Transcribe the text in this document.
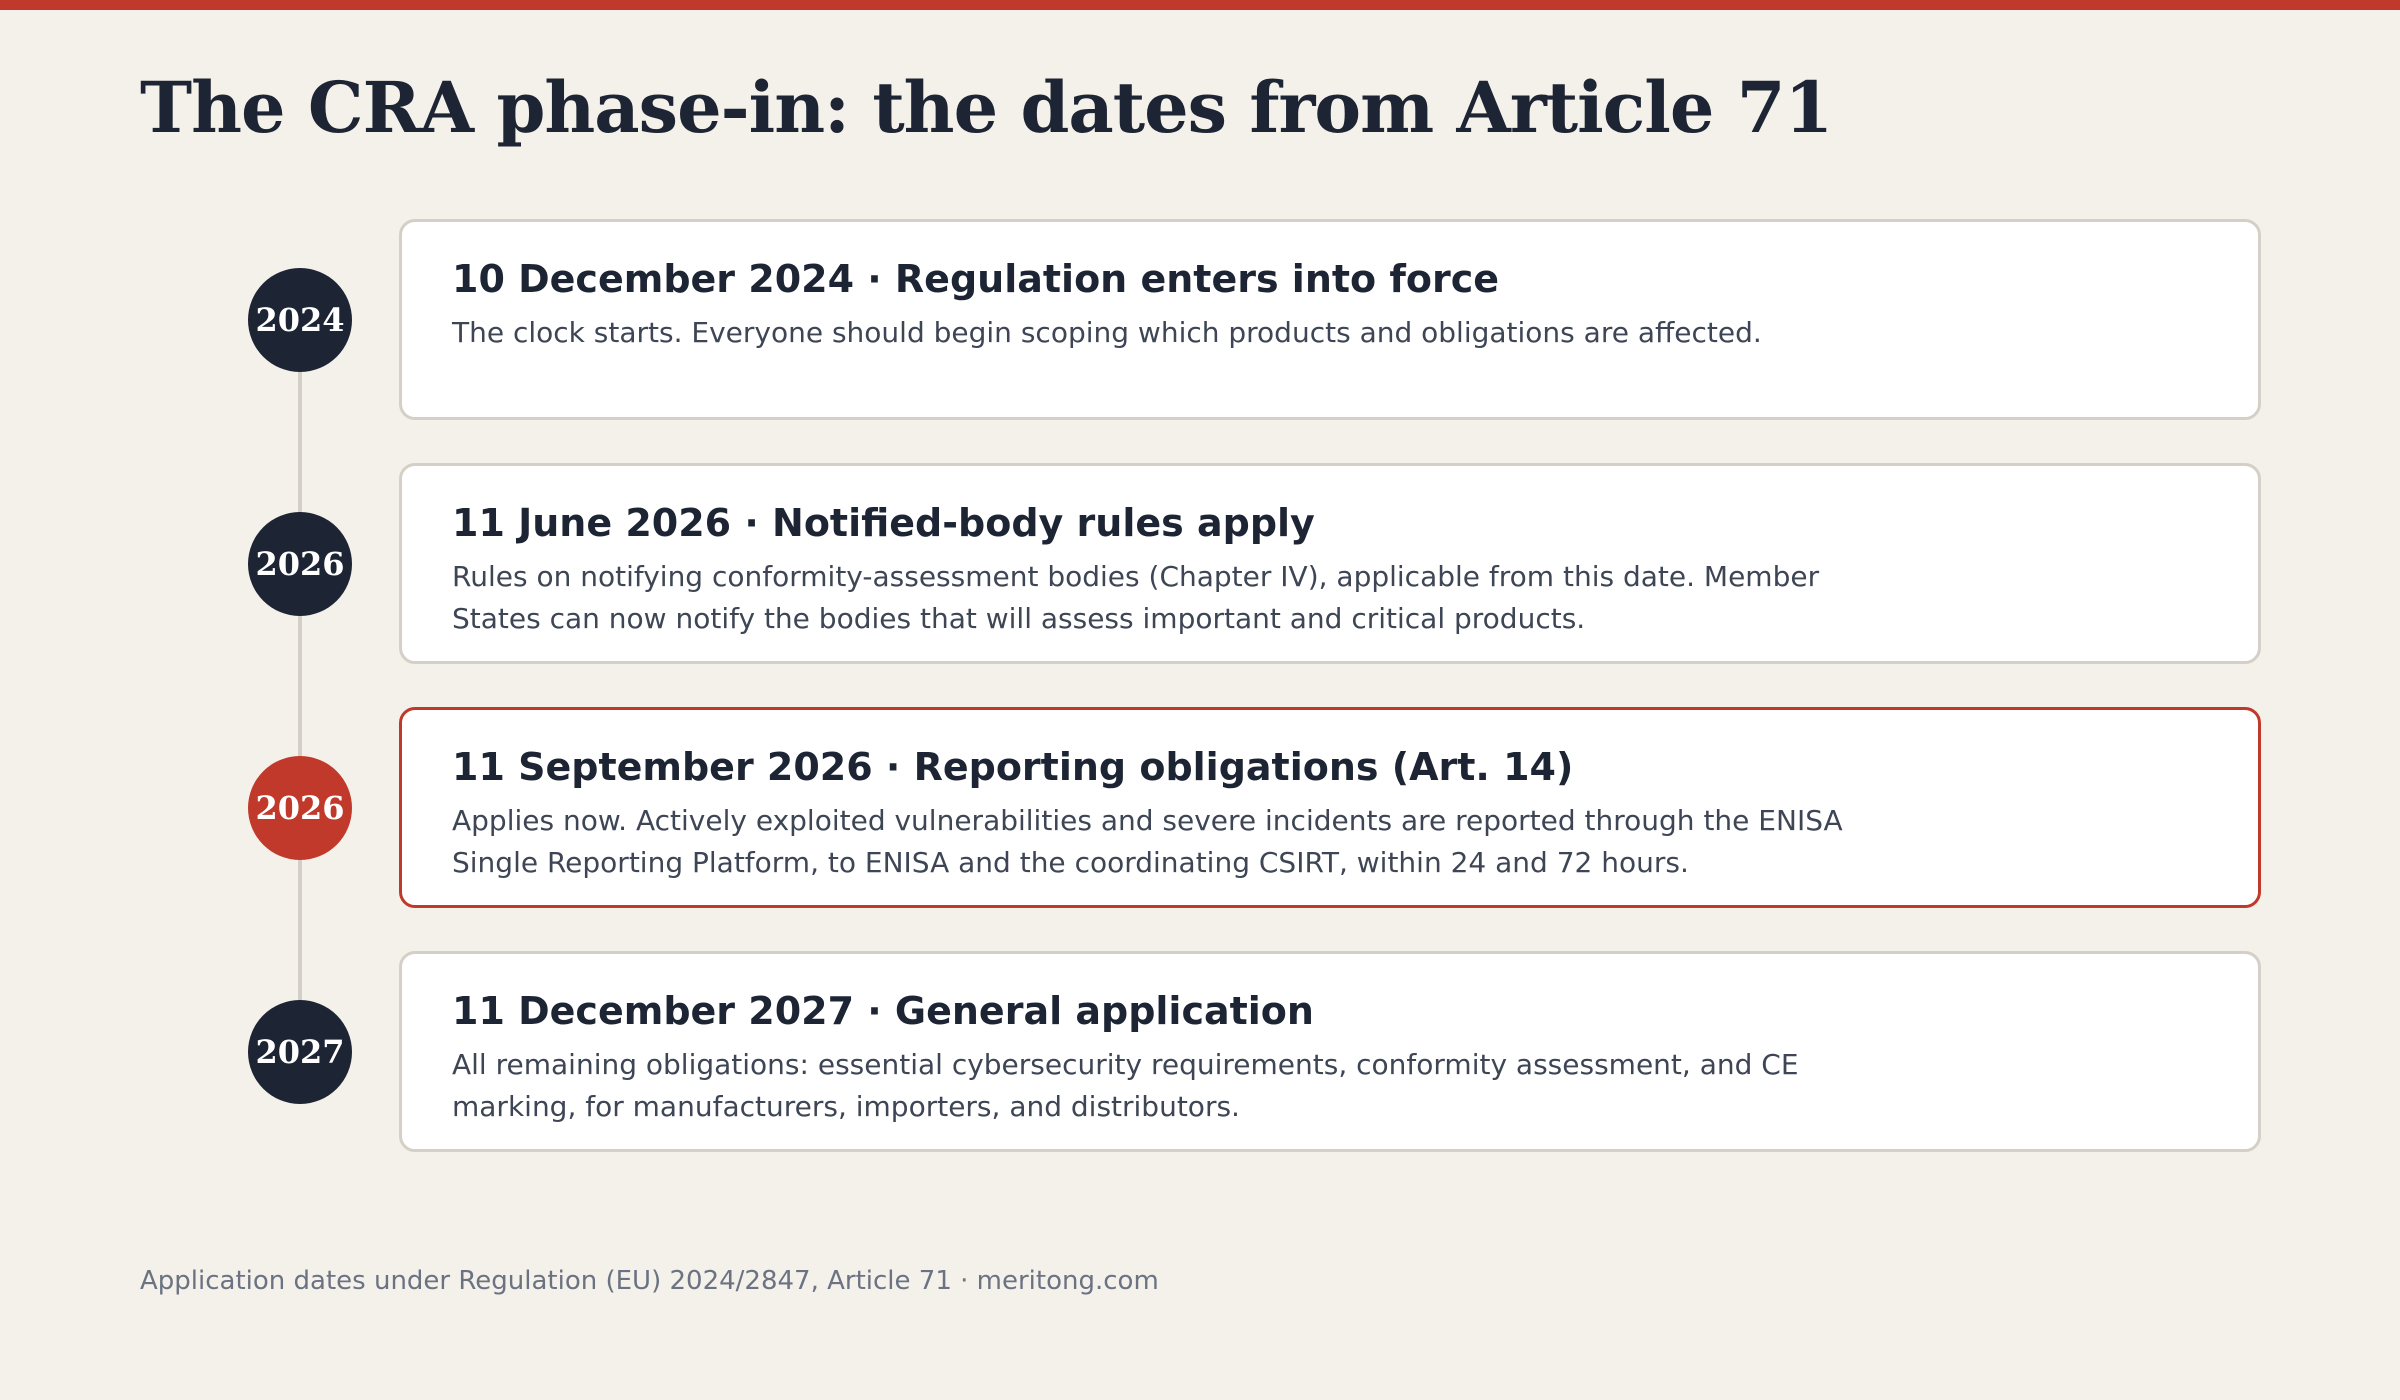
The CRA phase-in: the dates from Article 71
2024
10 December 2024 · Regulation enters into force
The clock starts. Everyone should begin scoping which products and obligations are affected.
2026
11 June 2026 · Notified-body rules apply
Rules on notifying conformity-assessment bodies (Chapter IV), applicable from this date. Member States can now notify the bodies that will assess important and critical products.
2026
11 September 2026 · Reporting obligations (Art. 14)
Applies now. Actively exploited vulnerabilities and severe incidents are reported through the ENISA Single Reporting Platform, to ENISA and the coordinating CSIRT, within 24 and 72 hours.
2027
11 December 2027 · General application
All remaining obligations: essential cybersecurity requirements, conformity assessment, and CE marking, for manufacturers, importers, and distributors.
Application dates under Regulation (EU) 2024/2847, Article 71 · meritong.com
